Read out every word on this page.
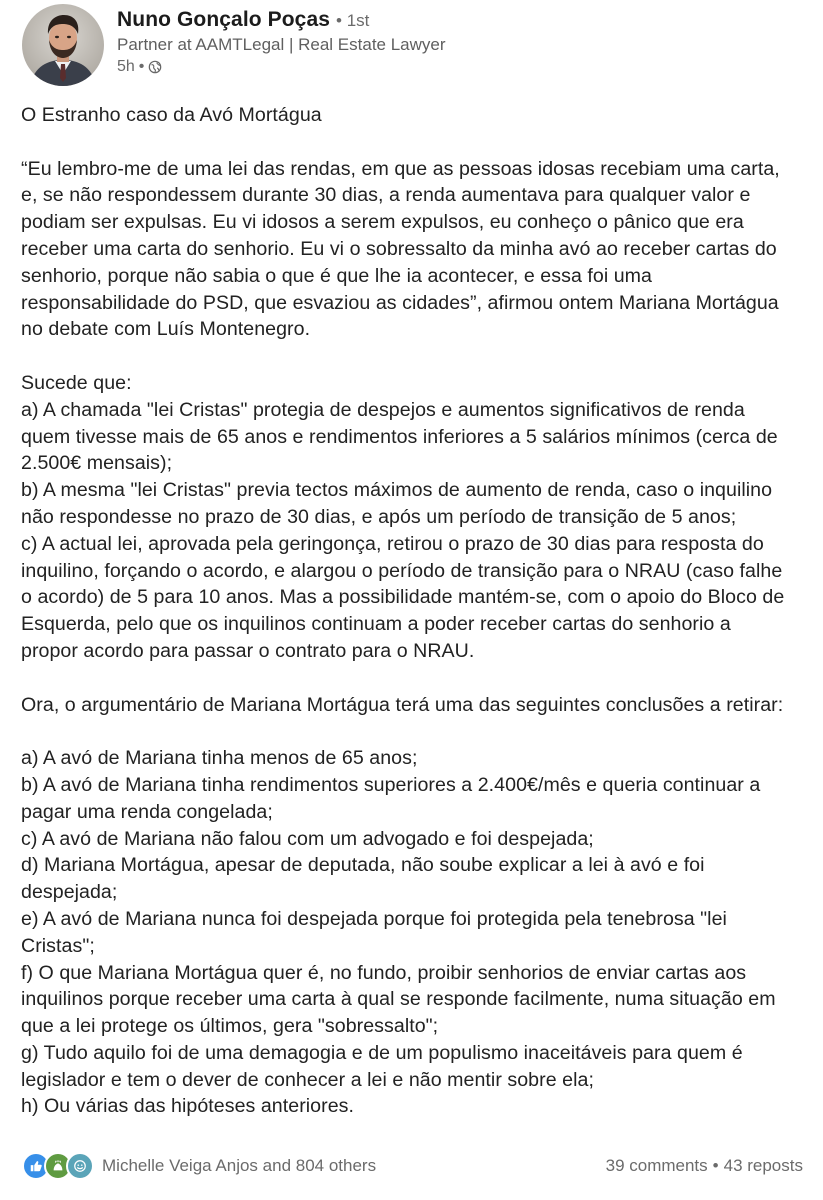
Nuno Gonçalo Poças • 1st
Partner at AAMTLegal | Real Estate Lawyer
5h •

O Estranho caso da Avó Mortágua

“Eu lembro-me de uma lei das rendas, em que as pessoas idosas recebiam uma carta,

e, se não respondessem durante 30 dias, a renda aumentava para qualquer valor e

podiam ser expulsas. Eu vi idosos a serem expulsos, eu conheço o pânico que era

receber uma carta do senhorio. Eu vi o sobressalto da minha avó ao receber cartas do

senhorio, porque não sabia o que é que lhe ia acontecer, e essa foi uma

responsabilidade do PSD, que esvaziou as cidades”, afirmou ontem Mariana Mortágua

no debate com Luís Montenegro.

Sucede que:

a) A chamada "lei Cristas" protegia de despejos e aumentos significativos de renda

quem tivesse mais de 65 anos e rendimentos inferiores a 5 salários mínimos (cerca de

2.500€ mensais);

b) A mesma "lei Cristas" previa tectos máximos de aumento de renda, caso o inquilino

não respondesse no prazo de 30 dias, e após um período de transição de 5 anos;

c) A actual lei, aprovada pela geringonça, retirou o prazo de 30 dias para resposta do

inquilino, forçando o acordo, e alargou o período de transição para o NRAU (caso falhe

o acordo) de 5 para 10 anos. Mas a possibilidade mantém-se, com o apoio do Bloco de

Esquerda, pelo que os inquilinos continuam a poder receber cartas do senhorio a

propor acordo para passar o contrato para o NRAU.

Ora, o argumentário de Mariana Mortágua terá uma das seguintes conclusões a retirar:

a) A avó de Mariana tinha menos de 65 anos;

b) A avó de Mariana tinha rendimentos superiores a 2.400€/mês e queria continuar a

pagar uma renda congelada;

c) A avó de Mariana não falou com um advogado e foi despejada;

d) Mariana Mortágua, apesar de deputada, não soube explicar a lei à avó e foi

despejada;

e) A avó de Mariana nunca foi despejada porque foi protegida pela tenebrosa "lei

Cristas";

f) O que Mariana Mortágua quer é, no fundo, proibir senhorios de enviar cartas aos

inquilinos porque receber uma carta à qual se responde facilmente, numa situação em

que a lei protege os últimos, gera "sobressalto";

g) Tudo aquilo foi de uma demagogia e de um populismo inaceitáveis para quem é

legislador e tem o dever de conhecer a lei e não mentir sobre ela;

h) Ou várias das hipóteses anteriores.

Michelle Veiga Anjos and 804 others	39 comments • 43 reposts
